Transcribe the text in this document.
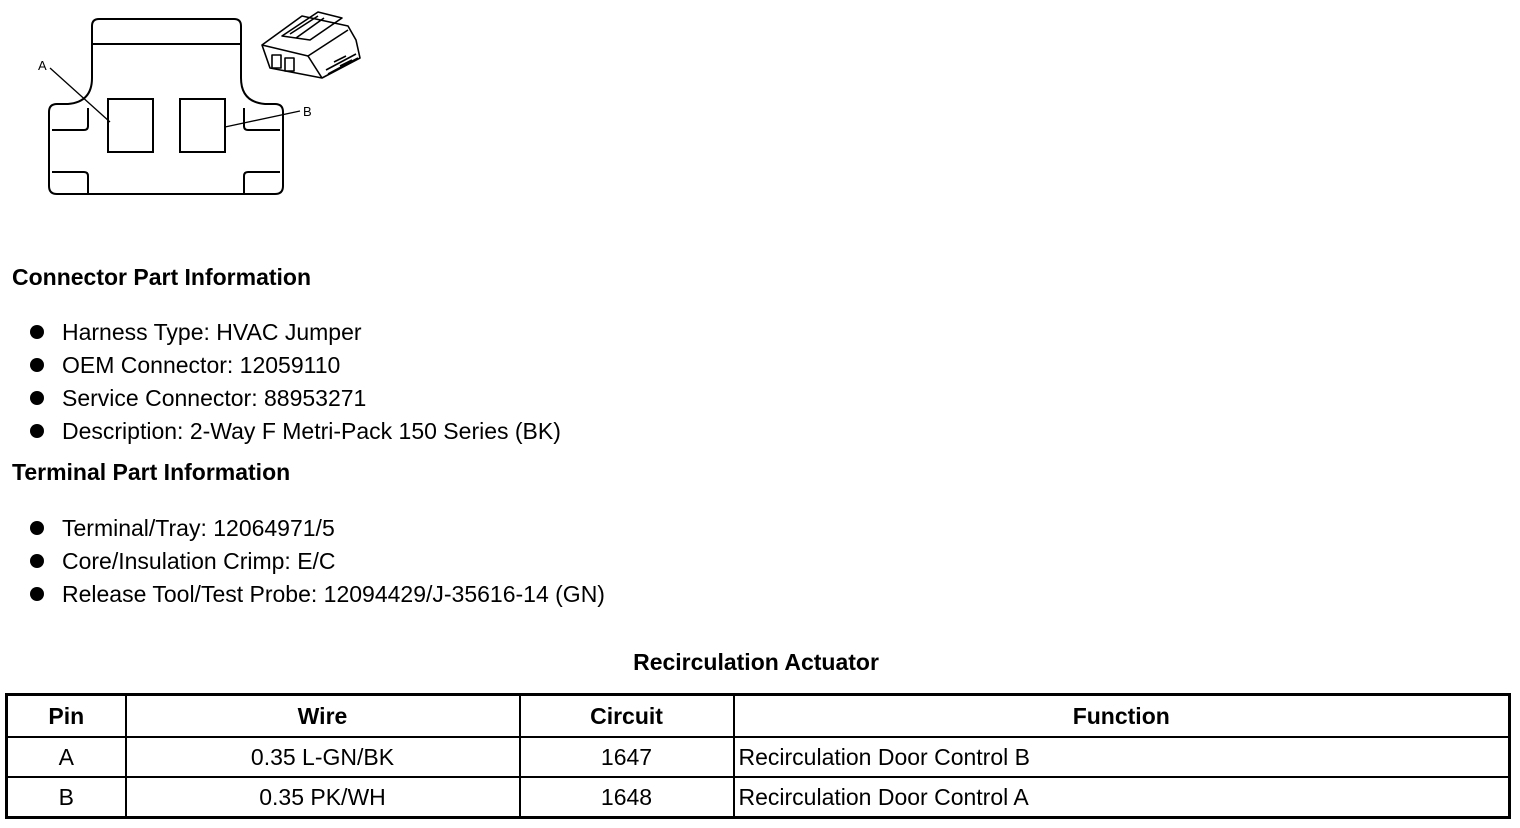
A
B
Connector Part Information
Harness Type: HVAC Jumper
OEM Connector: 12059110
Service Connector: 88953271
Description: 2-Way F Metri-Pack 150 Series (BK)
Terminal Part Information
Terminal/Tray: 12064971/5
Core/Insulation Crimp: E/C
Release Tool/Test Probe: 12094429/J-35616-14 (GN)
Recirculation Actuator
Pin	Wire	Circuit	Function
A	0.35 L-GN/BK	1647	Recirculation Door Control B
B	0.35 PK/WH	1648	Recirculation Door Control A
